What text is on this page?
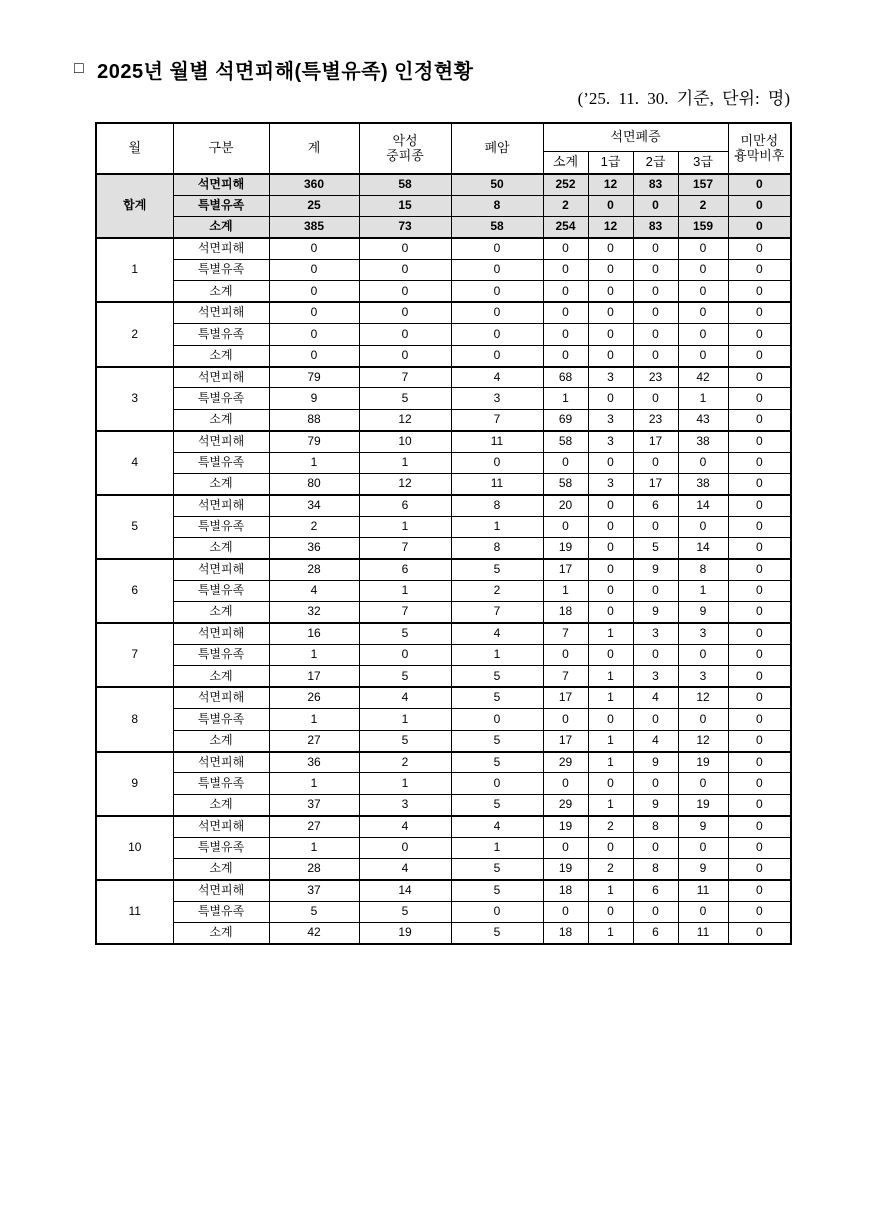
□ 2025년 월별 석면피해(특별유족) 인정현황
(’25. 11. 30. 기준, 단위: 명)
월	구분	계	악성
중피종	폐암	석면폐증	미만성
흉막비후

					소계	1급	2급	3급	
합계	석면피해	360	58	50	252	12	83	157	0
	특별유족	25	15	8	2	0	0	2	0
	소계	385	73	58	254	12	83	159	0
1	석면피해	0	0	0	0	0	0	0	0
	특별유족	0	0	0	0	0	0	0	0
	소계	0	0	0	0	0	0	0	0
2	석면피해	0	0	0	0	0	0	0	0
	특별유족	0	0	0	0	0	0	0	0
	소계	0	0	0	0	0	0	0	0
3	석면피해	79	7	4	68	3	23	42	0
	특별유족	9	5	3	1	0	0	1	0
	소계	88	12	7	69	3	23	43	0
4	석면피해	79	10	11	58	3	17	38	0
	특별유족	1	1	0	0	0	0	0	0
	소계	80	12	11	58	3	17	38	0
5	석면피해	34	6	8	20	0	6	14	0
	특별유족	2	1	1	0	0	0	0	0
	소계	36	7	8	19	0	5	14	0
6	석면피해	28	6	5	17	0	9	8	0
	특별유족	4	1	2	1	0	0	1	0
	소계	32	7	7	18	0	9	9	0
7	석면피해	16	5	4	7	1	3	3	0
	특별유족	1	0	1	0	0	0	0	0
	소계	17	5	5	7	1	3	3	0
8	석면피해	26	4	5	17	1	4	12	0
	특별유족	1	1	0	0	0	0	0	0
	소계	27	5	5	17	1	4	12	0
9	석면피해	36	2	5	29	1	9	19	0
	특별유족	1	1	0	0	0	0	0	0
	소계	37	3	5	29	1	9	19	0
10	석면피해	27	4	4	19	2	8	9	0
	특별유족	1	0	1	0	0	0	0	0
	소계	28	4	5	19	2	8	9	0
11	석면피해	37	14	5	18	1	6	11	0
	특별유족	5	5	0	0	0	0	0	0
	소계	42	19	5	18	1	6	11	0
